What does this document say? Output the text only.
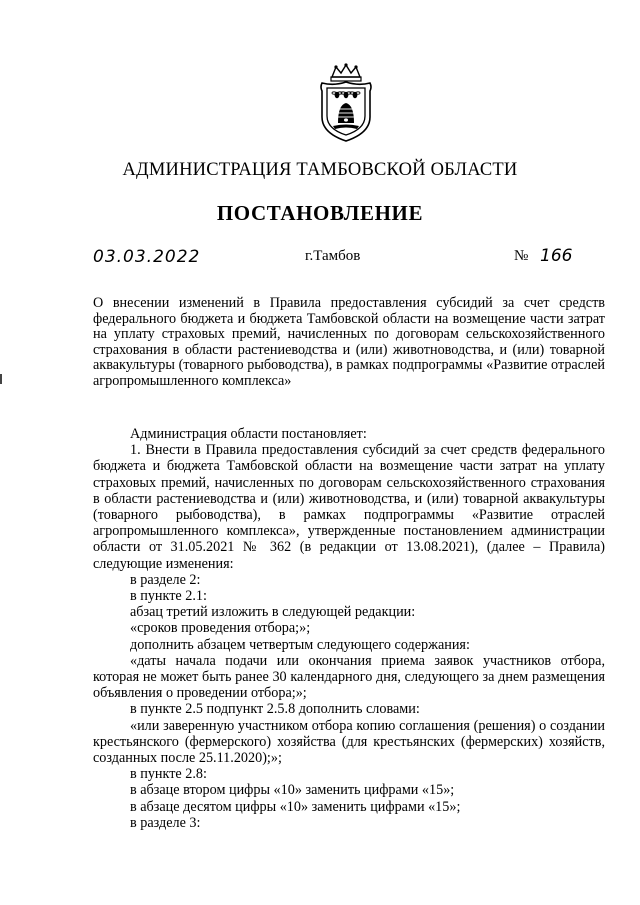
АДМИНИСТРАЦИЯ ТАМБОВСКОЙ ОБЛАСТИ
ПОСТАНОВЛЕНИЕ
03.03.2022	г.Тамбов	№ 166
О внесении изменений в Правила предоставления субсидий за счет средств федерального бюджета и бюджета Тамбовской области на возмещение части затрат на уплату страховых премий, начисленных по договорам сельскохозяйственного страхования в области растениеводства и (или) животноводства, и (или) товарной аквакультуры (товарного рыбоводства), в рамках подпрограммы «Развитие отраслей агропромышленного комплекса»

Администрация области постановляет:

1. Внести в Правила предоставления субсидий за счет средств федерального бюджета и бюджета Тамбовской области на возмещение части затрат на уплату страховых премий, начисленных по договорам сельскохозяйственного страхования в области растениеводства и (или) животноводства, и (или) товарной аквакультуры (товарного рыбоводства), в рамках подпрограммы «Развитие отраслей агропромышленного комплекса», утвержденные постановлением администрации области от 31.05.2021 № 362 (в редакции от 13.08.2021), (далее – Правила) следующие изменения:

в разделе 2:

в пункте 2.1:

абзац третий изложить в следующей редакции:

«сроков проведения отбора;»;

дополнить абзацем четвертым следующего содержания:

«даты начала подачи или окончания приема заявок участников отбора, которая не может быть ранее 30 календарного дня, следующего за днем размещения объявления о проведении отбора;»;

в пункте 2.5 подпункт 2.5.8 дополнить словами:

«или заверенную участником отбора копию соглашения (решения) о создании крестьянского (фермерского) хозяйства (для крестьянских (фермерских) хозяйств, созданных после 25.11.2020);»;

в пункте 2.8:

в абзаце втором цифры «10» заменить цифрами «15»;

в абзаце десятом цифры «10» заменить цифрами «15»;

в разделе 3:
